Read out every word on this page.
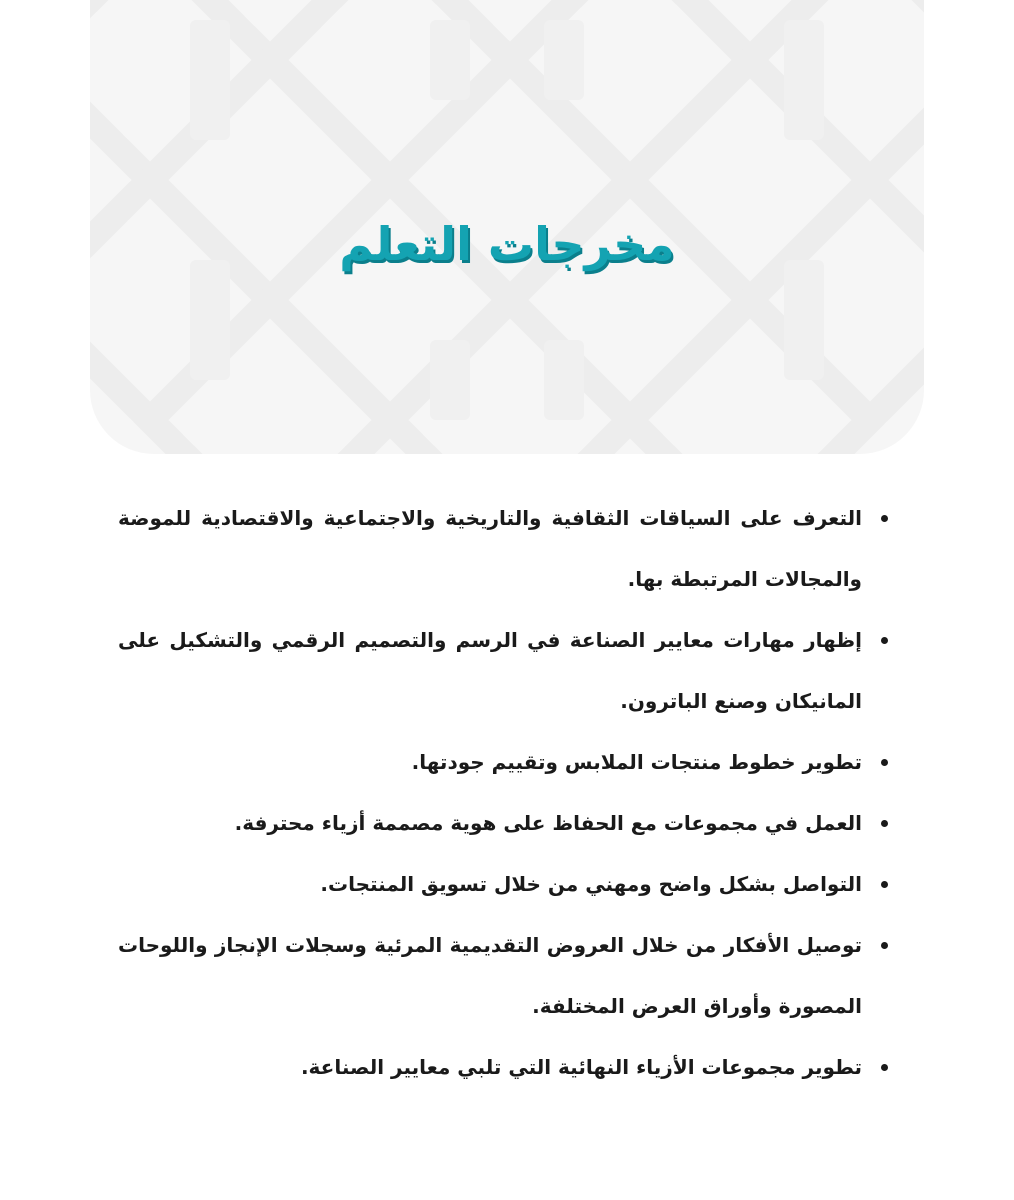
مخرجات التعلم
التعرف على السياقات الثقافية والتاريخية والاجتماعية والاقتصادية للموضة والمجالات المرتبطة بها.
إظهار مهارات معايير الصناعة في الرسم والتصميم الرقمي والتشكيل على المانيكان وصنع الباترون.
تطوير خطوط منتجات الملابس وتقييم جودتها.
العمل في مجموعات مع الحفاظ على هوية مصممة أزياء محترفة.
التواصل بشكل واضح ومهني من خلال تسويق المنتجات.
توصيل الأفكار من خلال العروض التقديمية المرئية وسجلات الإنجاز واللوحات المصورة وأوراق العرض المختلفة.
تطوير مجموعات الأزياء النهائية التي تلبي معايير الصناعة.
